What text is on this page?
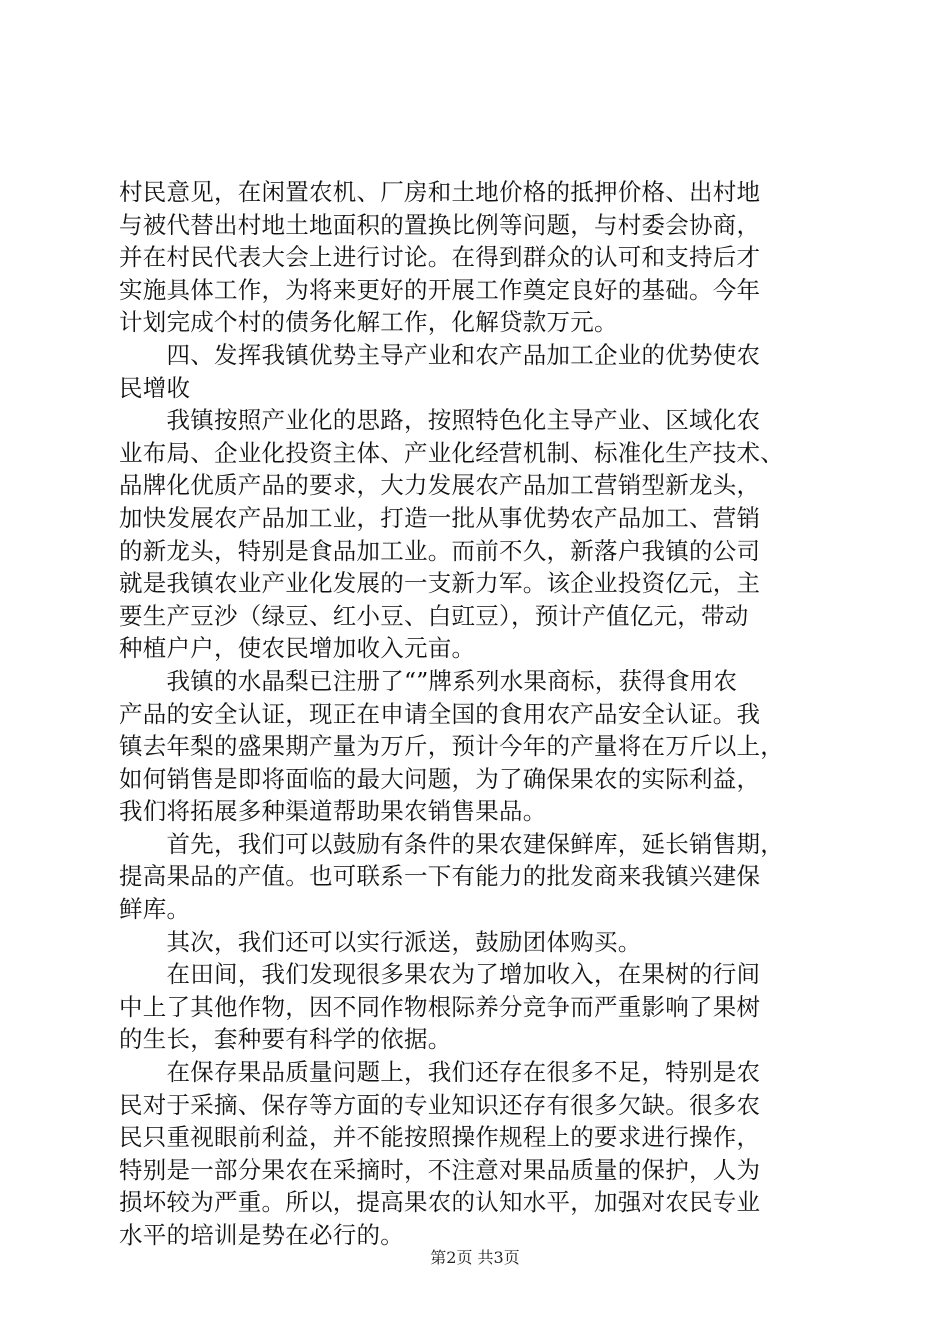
村民意见，在闲置农机、厂房和土地价格的抵押价格、出村地
与被代替出村地土地面积的置换比例等问题，与村委会协商，
并在村民代表大会上进行讨论。在得到群众的认可和支持后才
实施具体工作，为将来更好的开展工作奠定良好的基础。今年
计划完成个村的债务化解工作，化解贷款万元。
　　四、发挥我镇优势主导产业和农产品加工企业的优势使农
民增收
　　我镇按照产业化的思路，按照特色化主导产业、区域化农
业布局、企业化投资主体、产业化经营机制、标准化生产技术、
品牌化优质产品的要求，大力发展农产品加工营销型新龙头，
加快发展农产品加工业，打造一批从事优势农产品加工、营销
的新龙头，特别是食品加工业。而前不久，新落户我镇的公司
就是我镇农业产业化发展的一支新力军。该企业投资亿元，主
要生产豆沙（绿豆、红小豆、白豇豆），预计产值亿元，带动
种植户户，使农民增加收入元亩。
　　我镇的水晶梨已注册了“”牌系列水果商标，获得食用农
产品的安全认证，现正在申请全国的食用农产品安全认证。我
镇去年梨的盛果期产量为万斤，预计今年的产量将在万斤以上，
如何销售是即将面临的最大问题，为了确保果农的实际利益，
我们将拓展多种渠道帮助果农销售果品。
　　首先，我们可以鼓励有条件的果农建保鲜库，延长销售期，
提高果品的产值。也可联系一下有能力的批发商来我镇兴建保
鲜库。
　　其次，我们还可以实行派送，鼓励团体购买。
　　在田间，我们发现很多果农为了增加收入，在果树的行间
中上了其他作物，因不同作物根际养分竞争而严重影响了果树
的生长，套种要有科学的依据。
　　在保存果品质量问题上，我们还存在很多不足，特别是农
民对于采摘、保存等方面的专业知识还存有很多欠缺。很多农
民只重视眼前利益，并不能按照操作规程上的要求进行操作，
特别是一部分果农在采摘时，不注意对果品质量的保护，人为
损坏较为严重。所以，提高果农的认知水平，加强对农民专业
水平的培训是势在必行的。
第2页 共3页
